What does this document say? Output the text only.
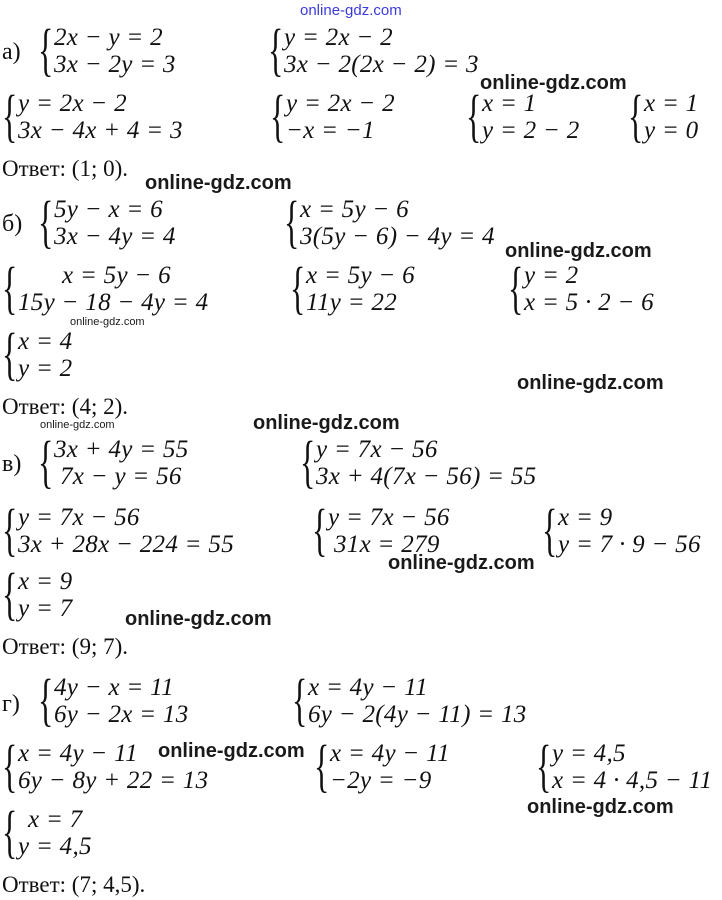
online-gdz.com
online-gdz.com
online-gdz.com
online-gdz.com
online-gdz.com
online-gdz.com
online-gdz.com
online-gdz.com
online-gdz.com
online-gdz.com
online-gdz.com
online-gdz.com
а) { 2x − y = 2
3x − 2y = 3 { y = 2x − 2
3x − 2(2x − 2) = 3
{ y = 2x − 2
3x − 4x + 4 = 3 { y = 2x − 2
−x = −1	{ x = 1
y = 2 − 2 { x = 1
y = 0
Ответ: (1; 0).
б) { 5y − x = 6
3x − 4y = 4 { x = 5y − 6
3(5y − 6) − 4y = 4
{	x = 5y − 6
15y − 18 − 4y = 4 { x = 5y − 6
11y = 22	{ y = 2
x = 5 · 2 − 6
{ x = 4
y = 2
Ответ: (4; 2).
в) { 3x + 4y = 55
7x − y = 56 { y = 7x − 56
3x + 4(7x − 56) = 55
{ y = 7x − 56
3x + 28x − 224 = 55 { y = 7x − 56
31x = 279 { x = 9
y = 7 · 9 − 56
{ x = 9
y = 7
Ответ: (9; 7).
г) { 4y − x = 11
6y − 2x = 13 { x = 4y − 11
6y − 2(4y − 11) = 13
{ x = 4y − 11
6y − 8y + 22 = 13 { x = 4y − 11
−2y = −9	{ y = 4,5
x = 4 · 4,5 − 11
{ x = 7
y = 4,5
Ответ: (7; 4,5).
